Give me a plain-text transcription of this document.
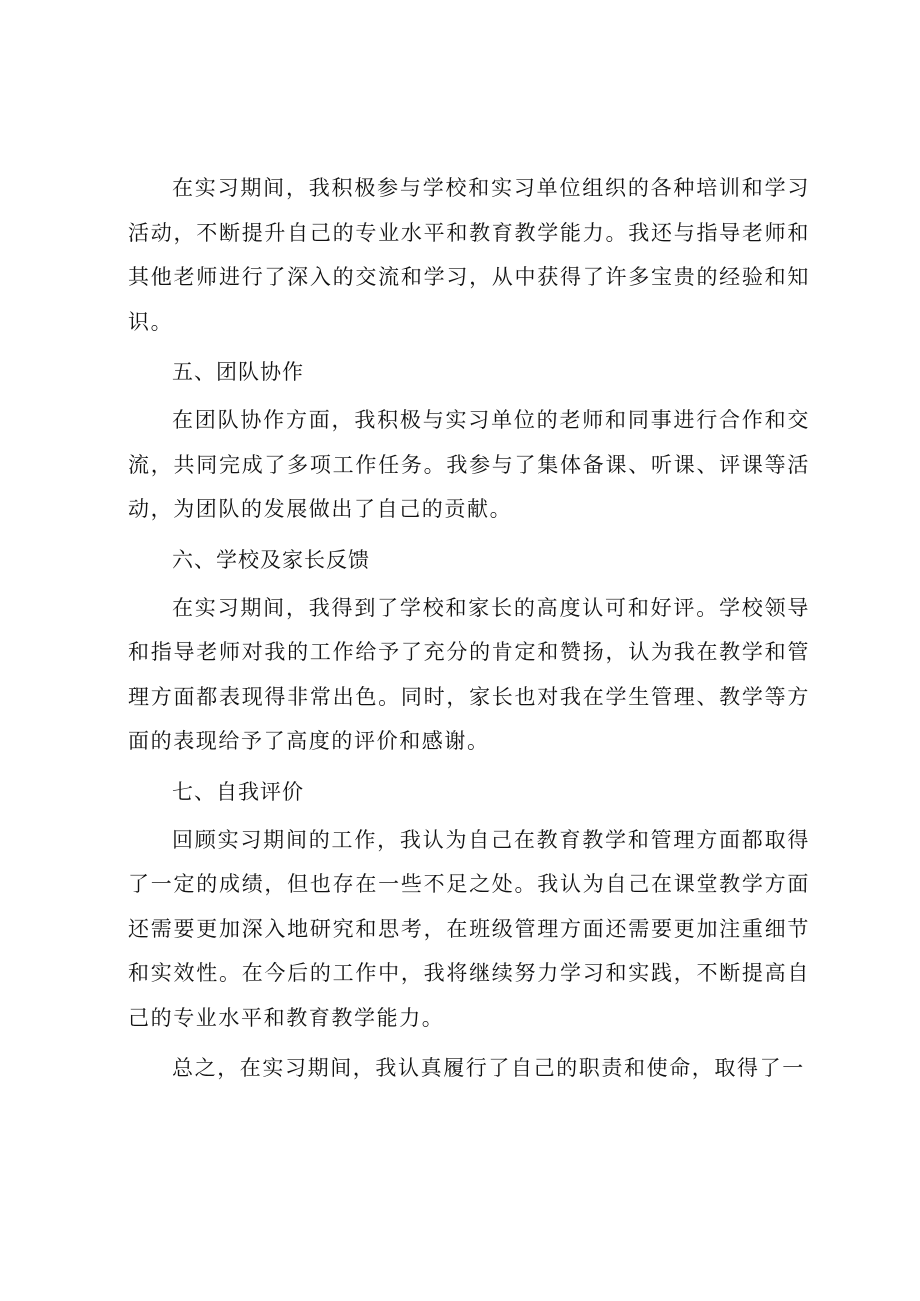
在实习期间，我积极参与学校和实习单位组织的各种培训和学习活动，不断提升自己的专业水平和教育教学能力。我还与指导老师和其他老师进行了深入的交流和学习，从中获得了许多宝贵的经验和知识。

五、团队协作

在团队协作方面，我积极与实习单位的老师和同事进行合作和交流，共同完成了多项工作任务。我参与了集体备课、听课、评课等活动，为团队的发展做出了自己的贡献。

六、学校及家长反馈

在实习期间，我得到了学校和家长的高度认可和好评。学校领导和指导老师对我的工作给予了充分的肯定和赞扬，认为我在教学和管理方面都表现得非常出色。同时，家长也对我在学生管理、教学等方面的表现给予了高度的评价和感谢。

七、自我评价

回顾实习期间的工作，我认为自己在教育教学和管理方面都取得了一定的成绩，但也存在一些不足之处。我认为自己在课堂教学方面还需要更加深入地研究和思考，在班级管理方面还需要更加注重细节和实效性。在今后的工作中，我将继续努力学习和实践，不断提高自己的专业水平和教育教学能力。

总之，在实习期间，我认真履行了自己的职责和使命，取得了一
